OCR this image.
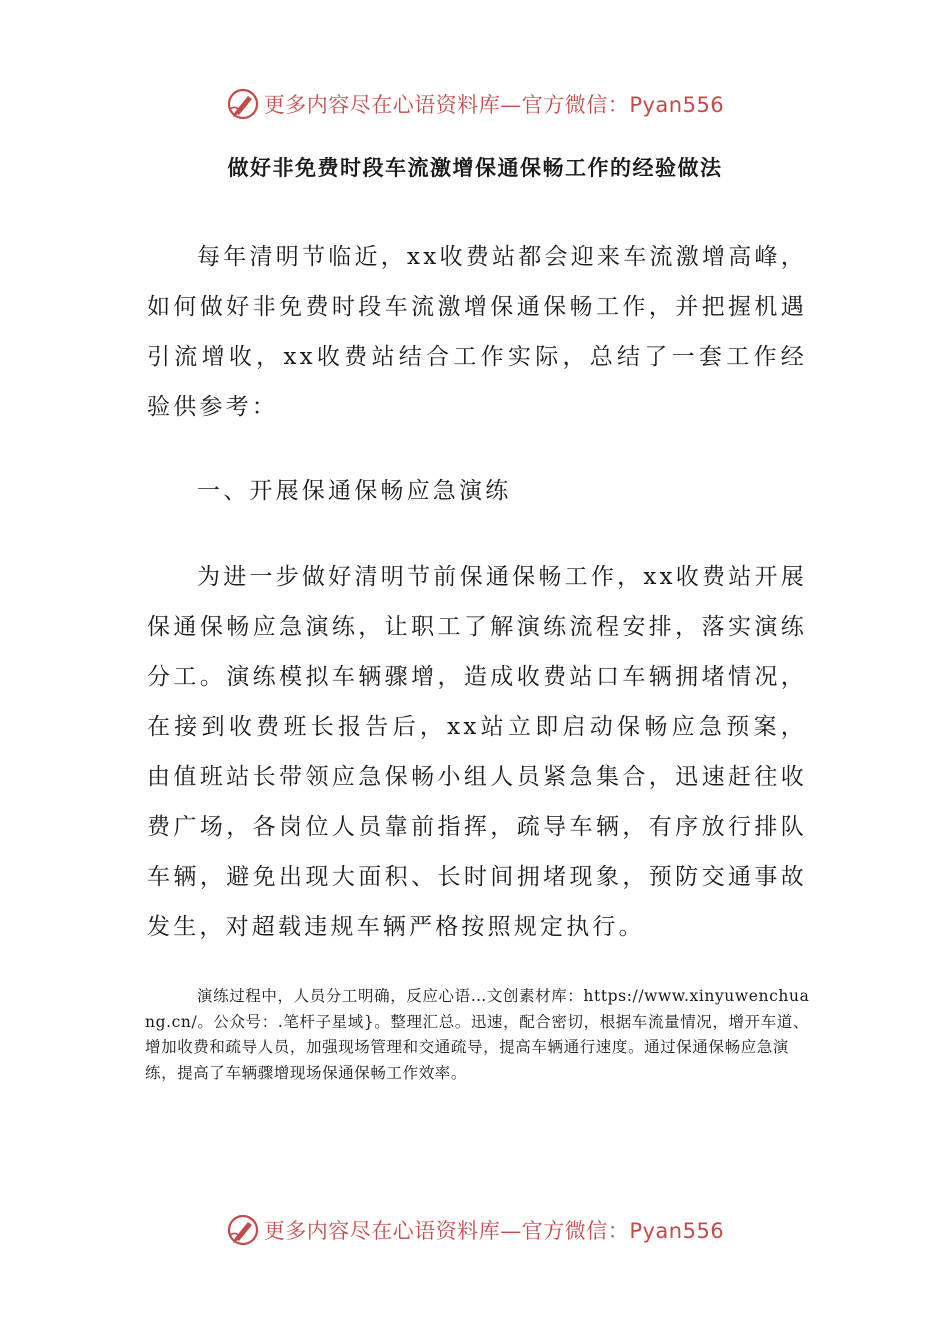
更多内容尽在心语资料库—官方微信：Pyan556
做好非免费时段车流激增保通保畅工作的经验做法

每年清明节临近，xx收费站都会迎来车流激增高峰，如何做好非免费时段车流激增保通保畅工作，并把握机遇引流增收，xx收费站结合工作实际，总结了一套工作经验供参考：

一、开展保通保畅应急演练

为进一步做好清明节前保通保畅工作，xx收费站开展保通保畅应急演练，让职工了解演练流程安排，落实演练分工。演练模拟车辆骤增，造成收费站口车辆拥堵情况，在接到收费班长报告后，xx站立即启动保畅应急预案，由值班站长带领应急保畅小组人员紧急集合，迅速赶往收费广场，各岗位人员靠前指挥，疏导车辆，有序放行排队车辆，避免出现大面积、长时间拥堵现象，预防交通事故发生，对超载违规车辆严格按照规定执行。

演练过程中，人员分工明确，反应心语…文创素材库：https://www.xinyuwenchuang.cn/。公众号：.笔杆子星域}。整理汇总。迅速，配合密切，根据车流量情况，增开车道、增加收费和疏导人员，加强现场管理和交通疏导，提高车辆通行速度。通过保通保畅应急演练，提高了车辆骤增现场保通保畅工作效率。

更多内容尽在心语资料库—官方微信：Pyan556
